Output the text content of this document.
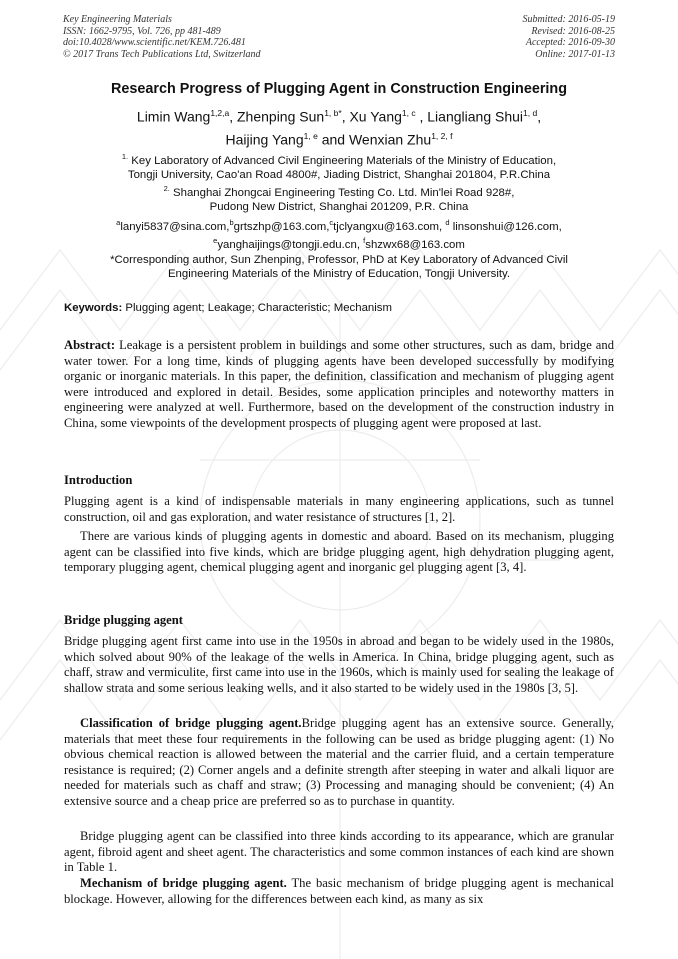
Key Engineering Materials
ISSN: 1662-9795, Vol. 726, pp 481-489
doi:10.4028/www.scientific.net/KEM.726.481
© 2017 Trans Tech Publications Ltd, Switzerland
Submitted: 2016-05-19
Revised: 2016-08-25
Accepted: 2016-09-30
Online: 2017-01-13
Research Progress of Plugging Agent in Construction Engineering
Limin Wang$^{1,2,a}$, Zhenping Sun$^{1, b*}$, Xu Yang$^{1, c}$ , Liangliang Shui$^{1, d}$,
Haijing Yang$^{1, e}$ and Wenxian Zhu$^{1, 2, f}$
$^{1.}$ Key Laboratory of Advanced Civil Engineering Materials of the Ministry of Education,
Tongji University, Cao'an Road 4800#, Jiading District, Shanghai 201804, P.R.China
$^{2.}$ Shanghai Zhongcai Engineering Testing Co. Ltd. Min'lei Road 928#,
Pudong New District, Shanghai 201209, P.R. China
$^a$lanyi5837@sina.com,$^b$grtszhp@163.com,$^c$tjclyangxu@163.com, $^d$ linsonshui@126.com,
$^e$yanghaijings@tongji.edu.cn, $^f$shzwx68@163.com
*Corresponding author, Sun Zhenping, Professor, PhD at Key Laboratory of Advanced Civil
Engineering Materials of the Ministry of Education, Tongji University.
Keywords: Plugging agent; Leakage; Characteristic; Mechanism
Abstract: Leakage is a persistent problem in buildings and some other structures, such as dam, bridge and water tower. For a long time, kinds of plugging agents have been developed successfully by modifying organic or inorganic materials. In this paper, the definition, classification and mechanism of plugging agent were introduced and explored in detail. Besides, some application principles and noteworthy matters in engineering were analyzed at well. Furthermore, based on the development of the construction industry in China, some viewpoints of the development prospects of plugging agent were proposed at last.
Introduction
Plugging agent is a kind of indispensable materials in many engineering applications, such as tunnel construction, oil and gas exploration, and water resistance of structures [1, 2].
There are various kinds of plugging agents in domestic and aboard. Based on its mechanism, plugging agent can be classified into five kinds, which are bridge plugging agent, high dehydration plugging agent, temporary plugging agent, chemical plugging agent and inorganic gel plugging agent [3, 4].
Bridge plugging agent
Bridge plugging agent first came into use in the 1950s in abroad and began to be widely used in the 1980s, which solved about 90% of the leakage of the wells in America. In China, bridge plugging agent, such as chaff, straw and vermiculite, first came into use in the 1960s, which is mainly used for sealing the leakage of shallow strata and some serious leaking wells, and it also started to be widely used in the 1980s [3, 5].
Classification of bridge plugging agent.Bridge plugging agent has an extensive source. Generally, materials that meet these four requirements in the following can be used as bridge plugging agent: (1) No obvious chemical reaction is allowed between the material and the carrier fluid, and a certain temperature resistance is required; (2) Corner angels and a definite strength after steeping in water and alkali liquor are needed for materials such as chaff and straw; (3) Processing and managing should be convenient; (4) An extensive source and a cheap price are preferred so as to purchase in quantity.
Bridge plugging agent can be classified into three kinds according to its appearance, which are granular agent, fibroid agent and sheet agent. The characteristics and some common instances of each kind are shown in Table 1.
Mechanism of bridge plugging agent. The basic mechanism of bridge plugging agent is mechanical blockage. However, allowing for the differences between each kind, as many as six
